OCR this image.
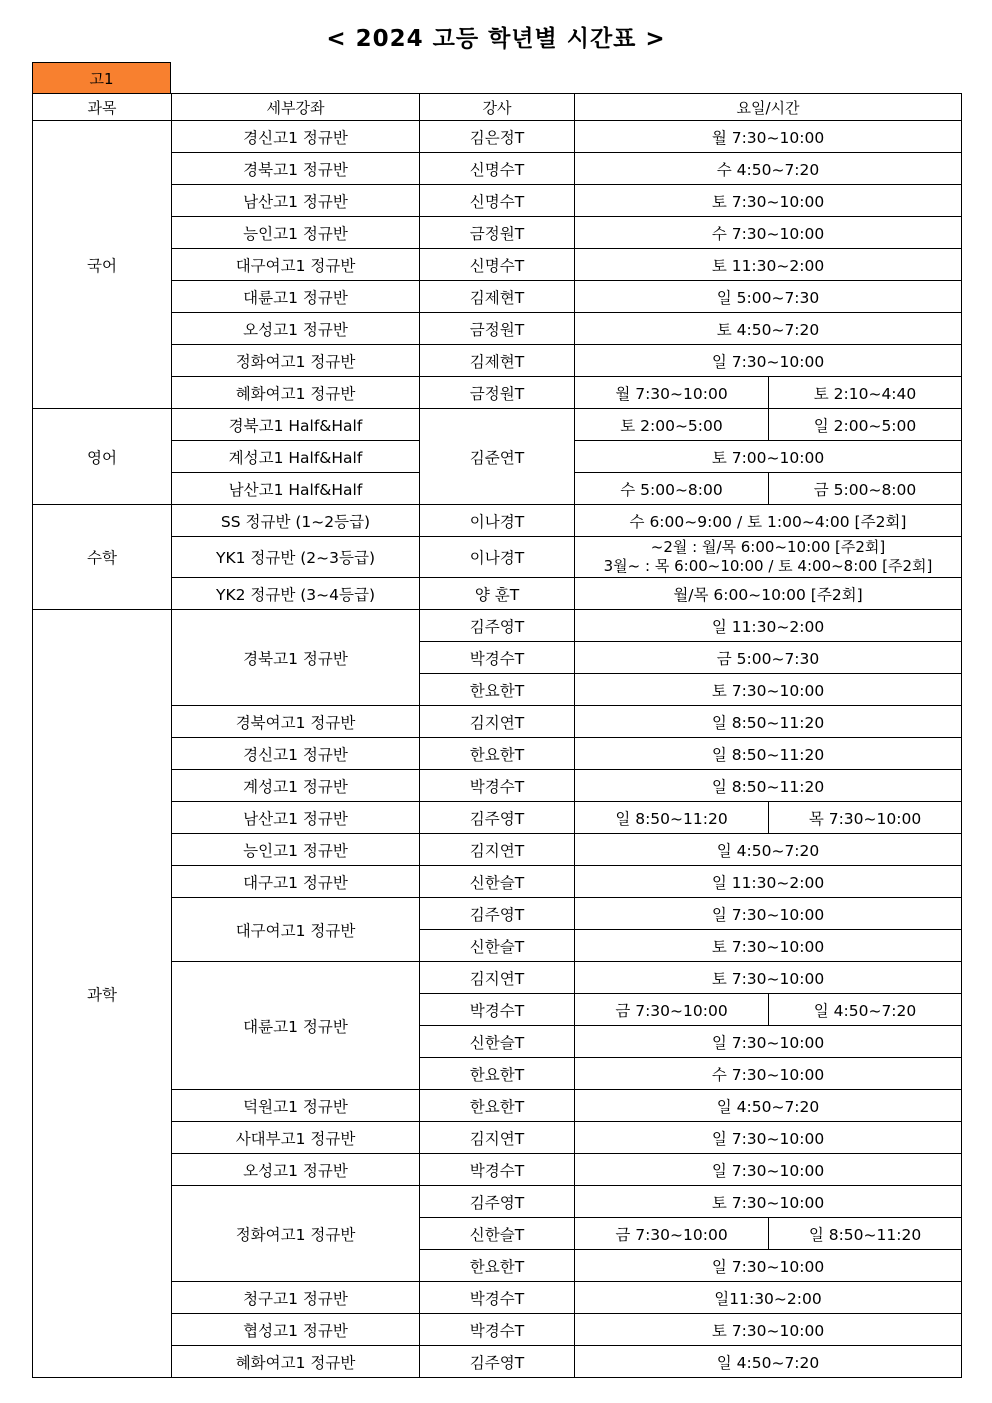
< 2024 고등 학년별 시간표 >
고1
과목	세부강좌	강사	요일/시간	
국어	경신고1 정규반	김은정T	월 7:30~10:00	
	경북고1 정규반	신명수T	수 4:50~7:20	
	남산고1 정규반	신명수T	토 7:30~10:00	
	능인고1 정규반	금정원T	수 7:30~10:00	
	대구여고1 정규반	신명수T	토 11:30~2:00	
	대륜고1 정규반	김제현T	일 5:00~7:30	
	오성고1 정규반	금정원T	토 4:50~7:20	
	정화여고1 정규반	김제현T	일 7:30~10:00	
	혜화여고1 정규반	금정원T	월 7:30~10:00	토 2:10~4:40
영어	경북고1 Half&Half	김준연T	토 2:00~5:00	일 2:00~5:00
	계성고1 Half&Half		토 7:00~10:00	
	남산고1 Half&Half		수 5:00~8:00	금 5:00~8:00
수학	SS 정규반 (1~2등급)	이나경T	수 6:00~9:00 / 토 1:00~4:00 [주2회]	
	YK1 정규반 (2~3등급)	이나경T	~2월 : 월/목 6:00~10:00 [주2회]
3월~ : 목 6:00~10:00 / 토 4:00~8:00 [주2회]	

	YK2 정규반 (3~4등급)	양 훈T	월/목 6:00~10:00 [주2회]	
과학	경북고1 정규반	김주영T	일 11:30~2:00	
		박경수T	금 5:00~7:30	
		한요한T	토 7:30~10:00	
	경북여고1 정규반	김지연T	일 8:50~11:20	
	경신고1 정규반	한요한T	일 8:50~11:20	
	계성고1 정규반	박경수T	일 8:50~11:20	
	남산고1 정규반	김주영T	일 8:50~11:20	목 7:30~10:00
	능인고1 정규반	김지연T	일 4:50~7:20	
	대구고1 정규반	신한슬T	일 11:30~2:00	
	대구여고1 정규반	김주영T	일 7:30~10:00	
		신한슬T	토 7:30~10:00	
	대륜고1 정규반	김지연T	토 7:30~10:00	
		박경수T	금 7:30~10:00	일 4:50~7:20
		신한슬T	일 7:30~10:00	
		한요한T	수 7:30~10:00	
	덕원고1 정규반	한요한T	일 4:50~7:20	
	사대부고1 정규반	김지연T	일 7:30~10:00	
	오성고1 정규반	박경수T	일 7:30~10:00	
	정화여고1 정규반	김주영T	토 7:30~10:00	
		신한슬T	금 7:30~10:00	일 8:50~11:20
		한요한T	일 7:30~10:00	
	청구고1 정규반	박경수T	일11:30~2:00	
	협성고1 정규반	박경수T	토 7:30~10:00	
	혜화여고1 정규반	김주영T	일 4:50~7:20	
